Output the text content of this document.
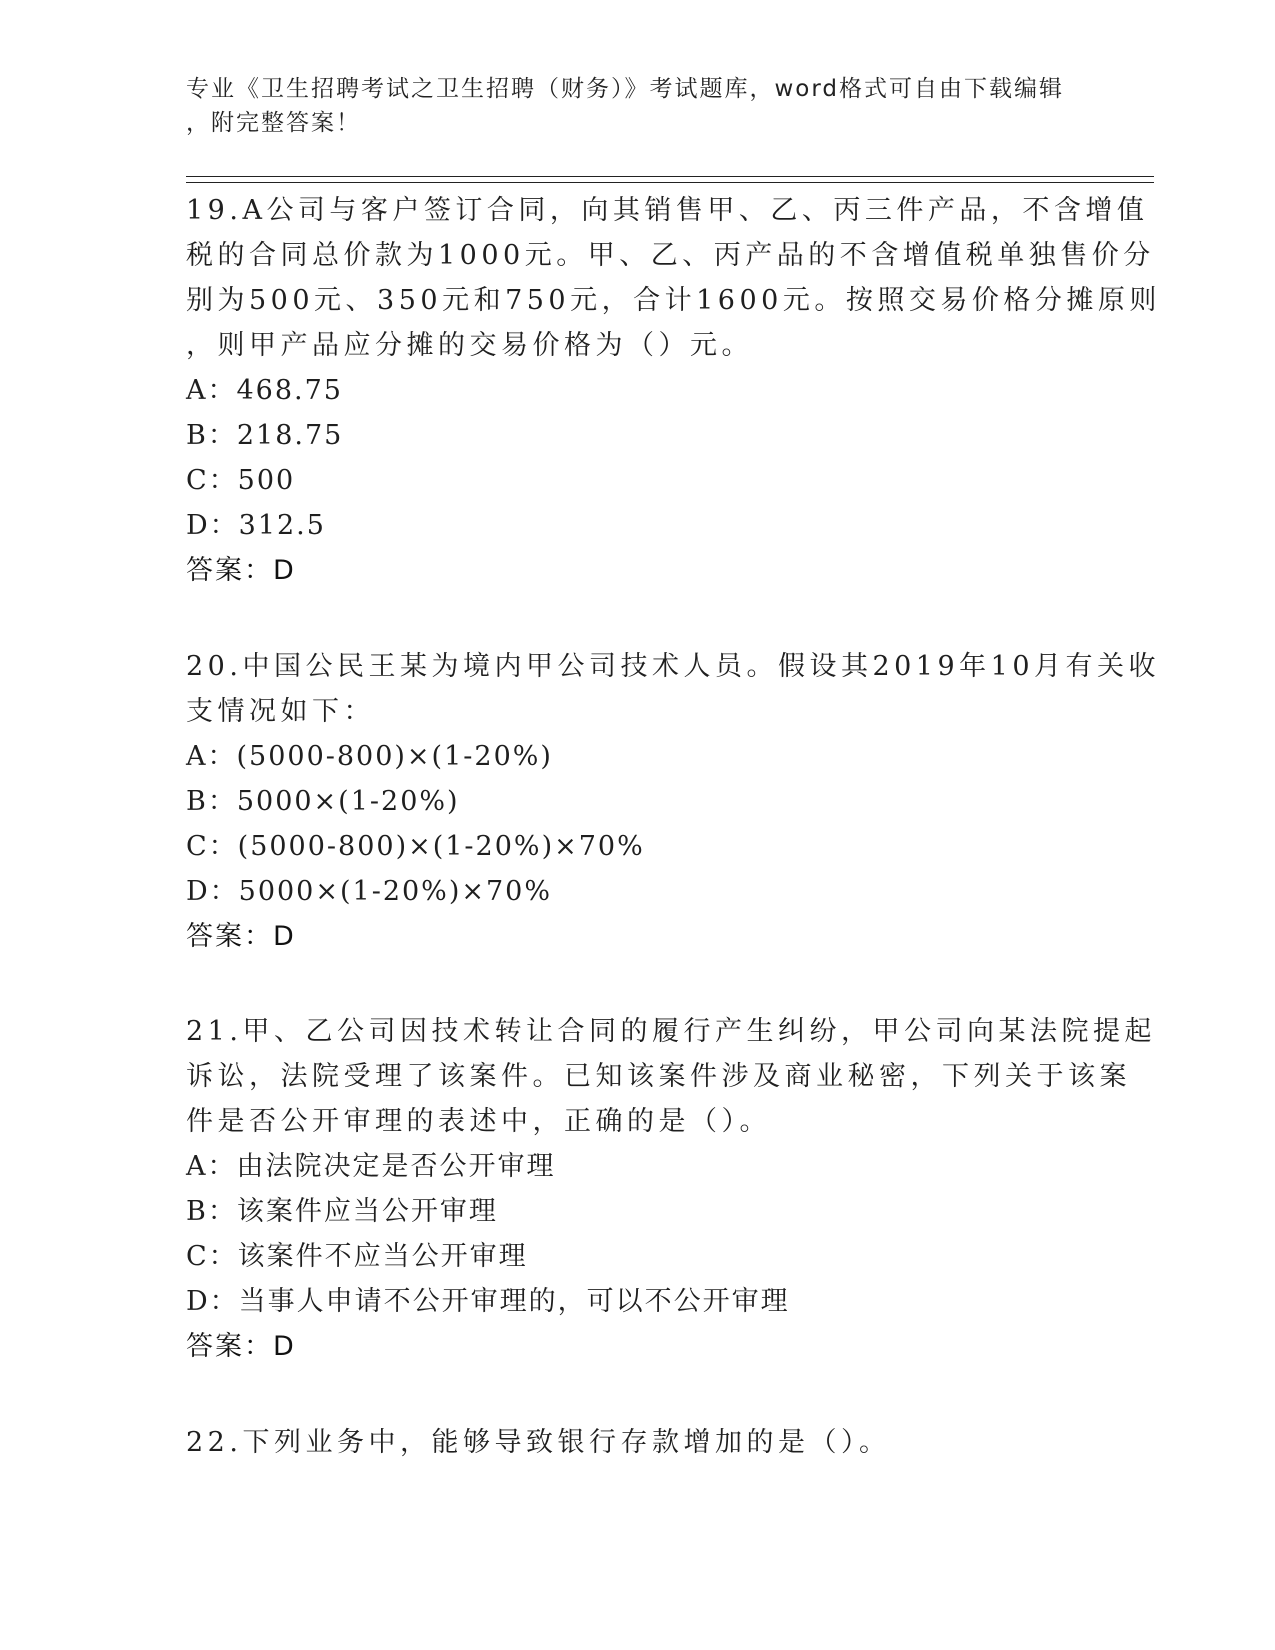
专业《卫生招聘考试之卫生招聘（财务）》考试题库，word格式可自由下载编辑
，附完整答案！
19.A公司与客户签订合同，向其销售甲、乙、丙三件产品，不含增值
税的合同总价款为1000元。甲、乙、丙产品的不含增值税单独售价分
别为500元、350元和750元，合计1600元。按照交易价格分摊原则
，则甲产品应分摊的交易价格为（）元。
A：468.75
B：218.75
C：500
D：312.5
答案：D
20.中国公民王某为境内甲公司技术人员。假设其2019年10月有关收
支情况如下：
A：(5000-800)×(1-20%)
B：5000×(1-20%)
C：(5000-800)×(1-20%)×70%
D：5000×(1-20%)×70%
答案：D
21.甲、乙公司因技术转让合同的履行产生纠纷，甲公司向某法院提起
诉讼，法院受理了该案件。已知该案件涉及商业秘密，下列关于该案
件是否公开审理的表述中，正确的是（）。
A：由法院决定是否公开审理
B：该案件应当公开审理
C：该案件不应当公开审理
D：当事人申请不公开审理的，可以不公开审理
答案：D
22.下列业务中，能够导致银行存款增加的是（）。
